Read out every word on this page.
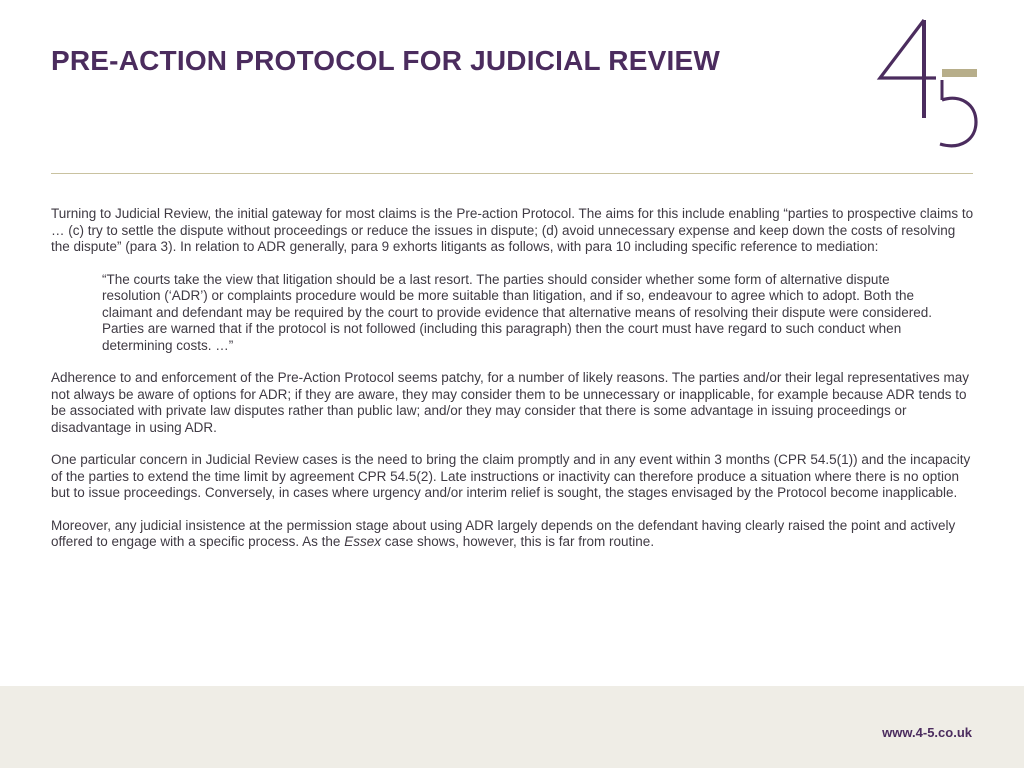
PRE-ACTION PROTOCOL FOR JUDICIAL REVIEW

Turning to Judicial Review, the initial gateway for most claims is the Pre-action Protocol. The aims for this include enabling “parties to prospective claims to … (c) try to settle the dispute without proceedings or reduce the issues in dispute; (d) avoid unnecessary expense and keep down the costs of resolving the dispute” (para 3). In relation to ADR generally, para 9 exhorts litigants as follows, with para 10 including specific reference to mediation:

“The courts take the view that litigation should be a last resort. The parties should consider whether some form of alternative dispute resolution (‘ADR’) or complaints procedure would be more suitable than litigation, and if so, endeavour to agree which to adopt. Both the claimant and defendant may be required by the court to provide evidence that alternative means of resolving their dispute were considered. Parties are warned that if the protocol is not followed (including this paragraph) then the court must have regard to such conduct when determining costs. …”

Adherence to and enforcement of the Pre-Action Protocol seems patchy, for a number of likely reasons. The parties and/or their legal representatives may not always be aware of options for ADR; if they are aware, they may consider them to be unnecessary or inapplicable, for example because ADR tends to be associated with private law disputes rather than public law; and/or they may consider that there is some advantage in issuing proceedings or disadvantage in using ADR.

One particular concern in Judicial Review cases is the need to bring the claim promptly and in any event within 3 months (CPR 54.5(1)) and the incapacity of the parties to extend the time limit by agreement CPR 54.5(2). Late instructions or inactivity can therefore produce a situation where there is no option but to issue proceedings. Conversely, in cases where urgency and/or interim relief is sought, the stages envisaged by the Protocol become inapplicable.

Moreover, any judicial insistence at the permission stage about using ADR largely depends on the defendant having clearly raised the point and actively offered to engage with a specific process. As the Essex case shows, however, this is far from routine.

www.4-5.co.uk
